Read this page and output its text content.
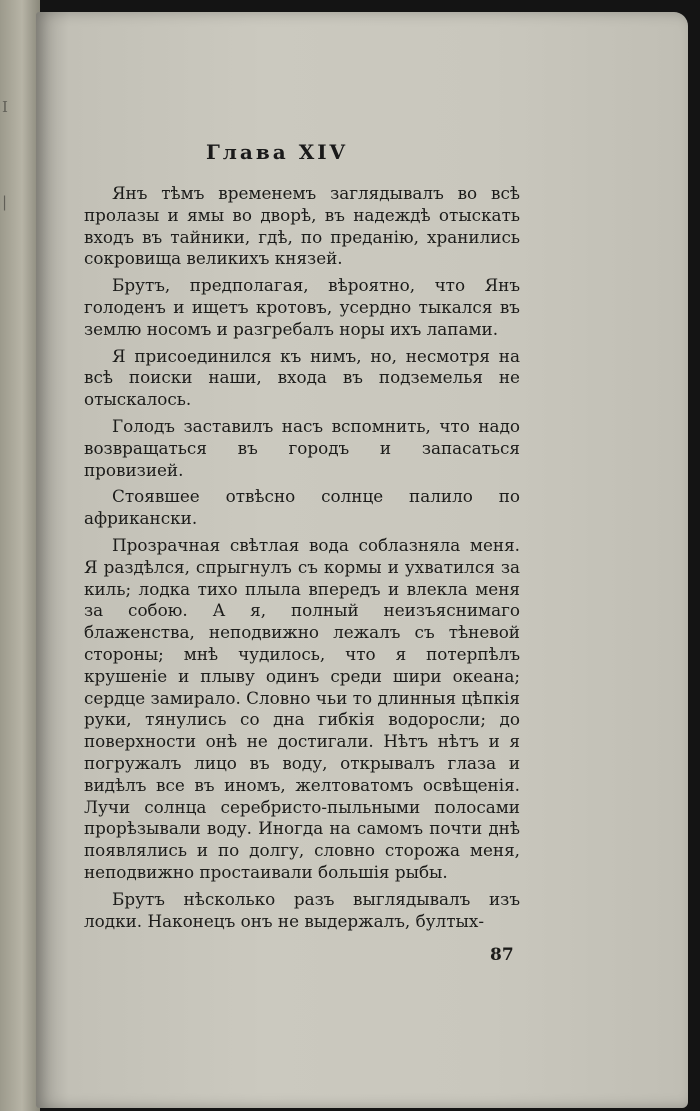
I
|
Глава XIV

Янъ тѣмъ временемъ заглядывалъ во всѣ пролазы и ямы во дворѣ, въ надеждѣ отыскать входъ въ тайники, гдѣ, по преданію, хранились сокровища великихъ князей.

Брутъ, предполагая, вѣроятно, что Янъ голоденъ и ищетъ кротовъ, усердно тыкался въ землю носомъ и разгребалъ норы ихъ лапами.

Я присоединился къ нимъ, но, несмотря на всѣ поиски наши, входа въ подземелья не отыскалось.

Голодъ заставилъ насъ вспомнить, что надо возвращаться въ городъ и запасаться провизией.

Стоявшее отвѣсно солнце палило по африкански.

Прозрачная свѣтлая вода соблазняла меня. Я раздѣлся, спрыгнулъ съ кормы и ухватился за киль; лодка тихо плыла впередъ и влекла меня за собою. А я, полный неизъяснимаго блаженства, неподвижно лежалъ съ тѣневой стороны; мнѣ чудилось, что я потерпѣлъ крушеніе и плыву одинъ среди шири океана; сердце замирало. Словно чьи то длинныя цѣпкія руки, тянулись со дна гибкія водоросли; до поверхности онѣ не достигали. Нѣтъ нѣтъ и я погружалъ лицо въ воду, открывалъ глаза и видѣлъ все въ иномъ, желтоватомъ освѣщенія. Лучи солнца серебристо-пыльными полосами прорѣзывали воду. Иногда на самомъ почти днѣ появлялись и по долгу, словно сторожа меня, неподвижно простаивали большія рыбы.

Брутъ нѣсколько разъ выглядывалъ изъ лодки. Наконецъ онъ не выдержалъ, бултых-

87
